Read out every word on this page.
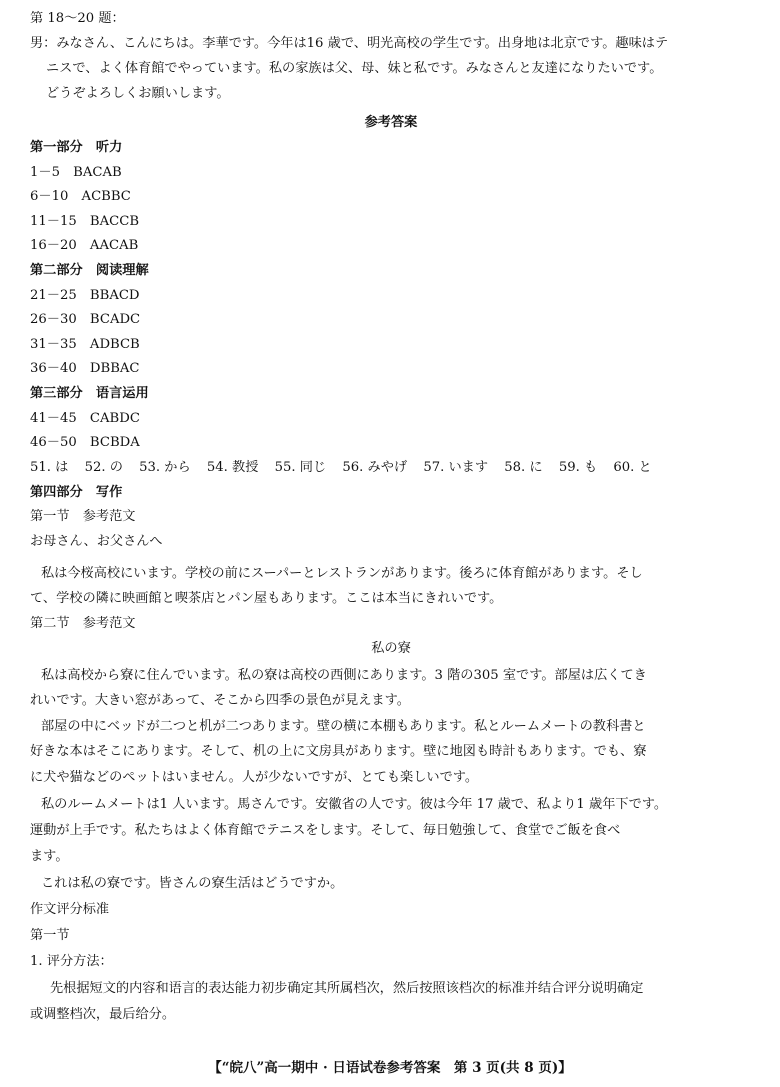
第 18～20 题：
男：みなさん、こんにちは。李華です。今年は16 歳で、明光高校の学生です。出身地は北京です。趣味はテ
ニスで、よく体育館でやっています。私の家族は父、母、妹と私です。みなさんと友達になりたいです。
どうぞよろしくお願いします。
参考答案
第一部分　听力
1－5　BACAB
6－10　ACBBC
11－15　BACCB
16－20　AACAB
第二部分　阅读理解
21－25　BBACD
26－30　BCADC
31－35　ADBCB
36－40　DBBAC
第三部分　语言运用
41－45　CABDC
46－50　BCBDA
51. は 52. の 53. から 54. 教授 55. 同じ 56. みやげ 57. います 58. に 59. も 60. と
第四部分　写作
第一节　参考范文
お母さん、お父さんへ
私は今桜高校にいます。学校の前にスーパーとレストランがあります。後ろに体育館があります。そし
て、学校の隣に映画館と喫茶店とパン屋もあります。ここは本当にきれいです。
第二节　参考范文
私の寮
私は高校から寮に住んでいます。私の寮は高校の西側にあります。3 階の305 室です。部屋は広くてき
れいです。大きい窓があって、そこから四季の景色が見えます。
部屋の中にベッドが二つと机が二つあります。壁の横に本棚もあります。私とルームメートの教科書と
好きな本はそこにあります。そして、机の上に文房具があります。壁に地図も時計もあります。でも、寮
に犬や猫などのペットはいません。人が少ないですが、とても楽しいです。
私のルームメートは1 人います。馬さんです。安徽省の人です。彼は今年 17 歳で、私より1 歳年下です。
運動が上手です。私たちはよく体育館でテニスをします。そして、毎日勉強して、食堂でご飯を食べ
ます。
これは私の寮です。皆さんの寮生活はどうですか。
作文评分标准
第一节
1. 评分方法：
先根据短文的内容和语言的表达能力初步确定其所属档次，然后按照该档次的标准并结合评分说明确定
或调整档次，最后给分。
【“皖八”高一期中 · 日语试卷参考答案　第 3 页(共 8 页)】
